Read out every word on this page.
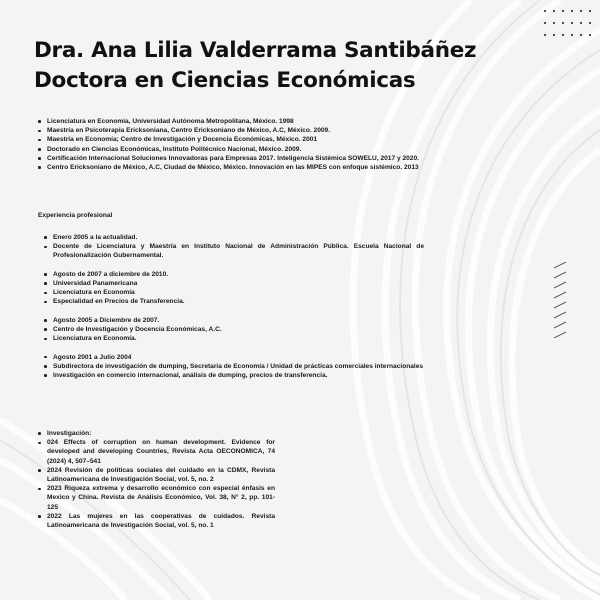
Dra. Ana Lilia Valderrama Santibáñez
Doctora en Ciencias Económicas
Licenciatura en Economía, Universidad Autónoma Metropolitana, México. 1998
Maestría en Psicoterapia Ericksoniana, Centro Ericksoniano de México, A.C, México. 2009.
Maestría en Economía; Centro de Investigación y Docencia Económicas, México. 2001
Doctorado en Ciencias Económicas, Instituto Politécnico Nacional, México. 2009.
Certificación Internacional Soluciones Innovadoras para Empresas 2017. Inteligencia Sistémica SOWELU, 2017 y 2020.
Centro Ericksoniano de México, A.C, Ciudad de México, México. Innovación en las MIPES con enfoque sistémico. 2013
Experiencia profesional
Enero 2005 a la actualidad.
Docente de Licenciatura y Maestría en Instituto Nacional de Administración Pública. Escuela Nacional de Profesionalización Gubernamental.
Agosto de 2007 a diciembre de 2010.
Universidad Panamericana
Licenciatura en Economía
Especialidad en Precios de Transferencia.
Agosto 2005 a Diciembre de 2007.
Centro de Investigación y Docencia Económicas, A.C.
Licenciatura en Economía.
Agosto 2001 a Julio 2004
Subdirectora de investigación de dumping, Secretaria de Economía / Unidad de prácticas comerciales internacionales
Investigación en comercio internacional, análisis de dumping, precios de transferencia.
Investigación:
024 Effects of corruption on human development. Evidence for developed and developing Countries, Revista Acta OECONOMICA, 74 (2024) 4, 507–541
2024 Revisión de políticas sociales del cuidado en la CDMX, Revista Latinoamericana de Investigación Social, vol. 5, no. 2
2023 Riqueza extrema y desarrollo económico con especial énfasis en Mexico y China. Revista de Análisis Económico, Vol. 38, N° 2, pp. 101-125
2022 Las mujeres en las cooperativas de cuidados. Revista Latinoamericana de Investigación Social, vol. 5, no. 1
